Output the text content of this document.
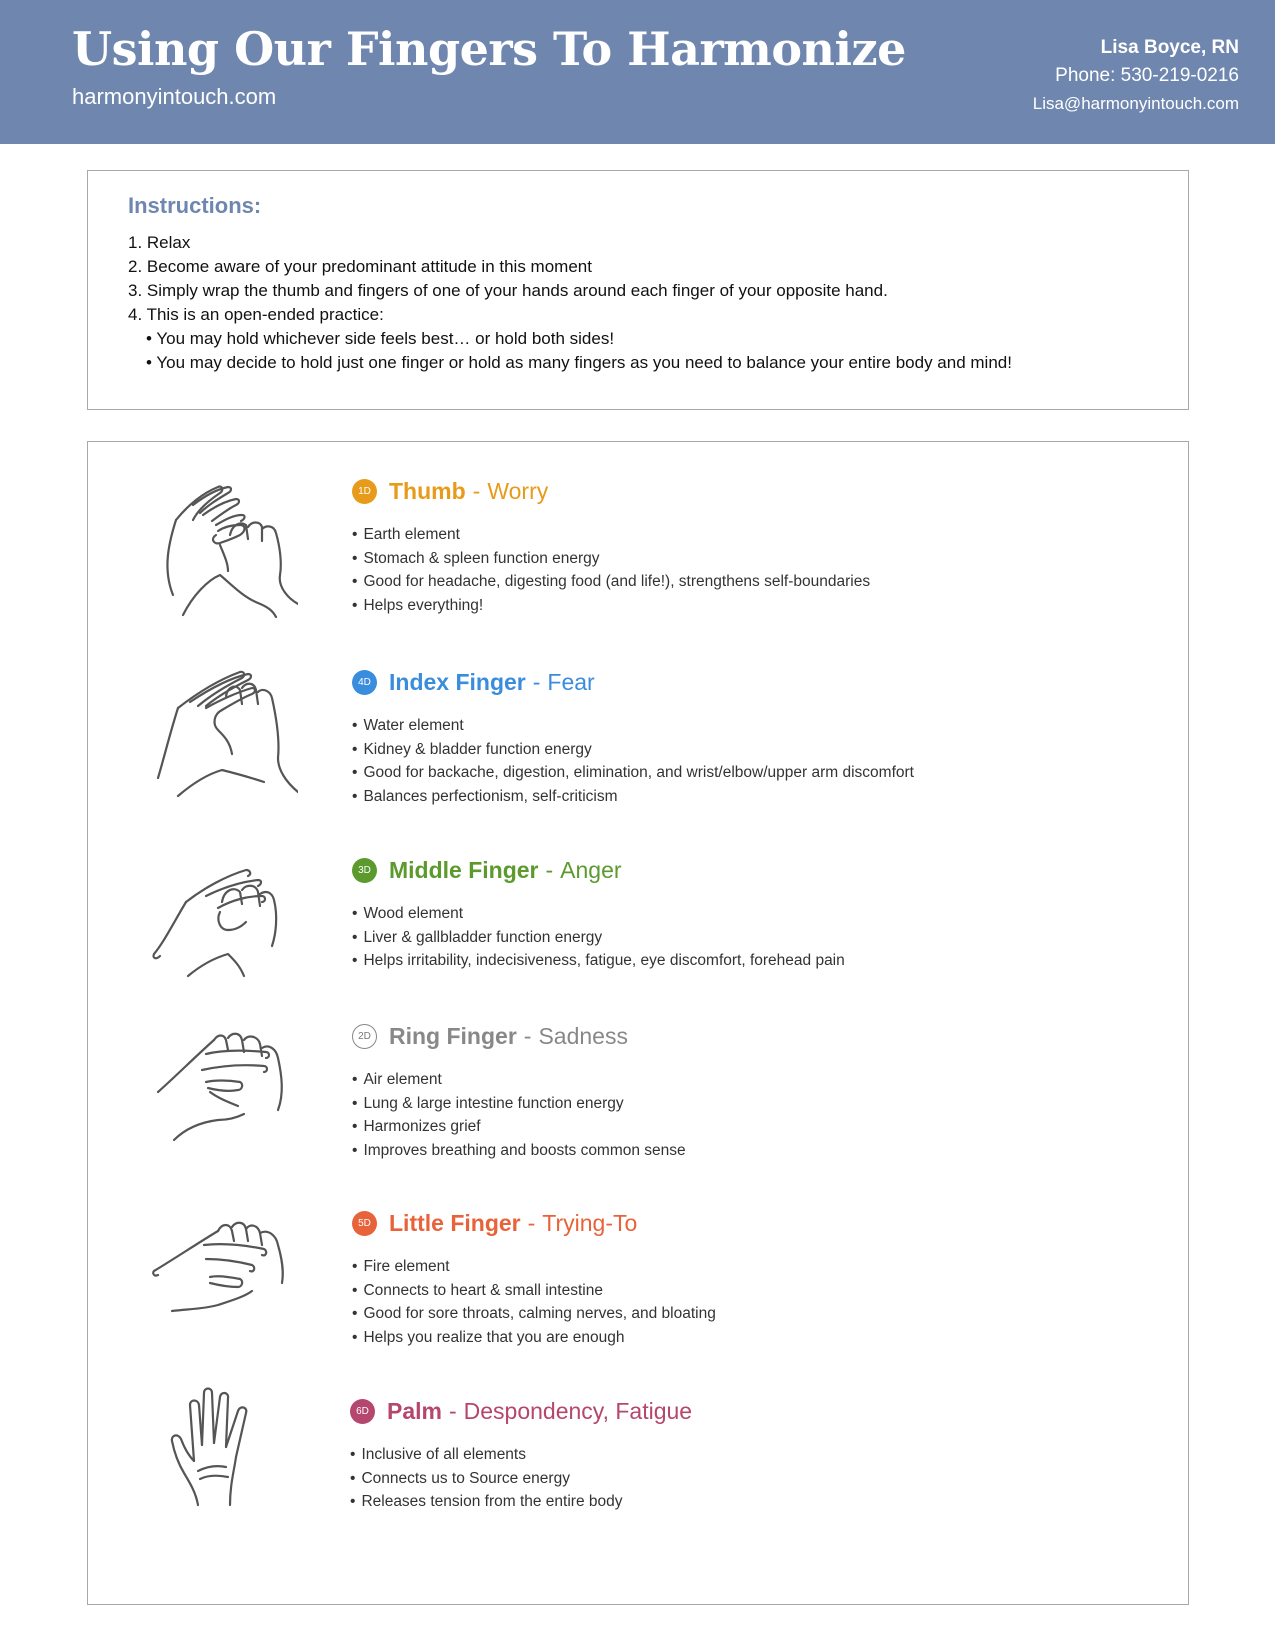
Using Our Fingers To Harmonize
harmonyintouch.com
Lisa Boyce, RN
Phone: 530-219-0216
Lisa@harmonyintouch.com
Instructions:
1. Relax
2. Become aware of your predominant attitude in this moment
3. Simply wrap the thumb and fingers of one of your hands around each finger of your opposite hand.
4. This is an open-ended practice:
• You may hold whichever side feels best… or hold both sides!
• You may decide to hold just one finger or hold as many fingers as you need to balance your entire body and mind!
1D Thumb - Worry
• Earth element
• Stomach & spleen function energy
• Good for headache, digesting food (and life!), strengthens self-boundaries
• Helps everything!
4D Index Finger - Fear
• Water element
• Kidney & bladder function energy
• Good for backache, digestion, elimination, and wrist/elbow/upper arm discomfort
• Balances perfectionism, self-criticism
3D Middle Finger - Anger
• Wood element
• Liver & gallbladder function energy
• Helps irritability, indecisiveness, fatigue, eye discomfort, forehead pain
2D Ring Finger - Sadness
• Air element
• Lung & large intestine function energy
• Harmonizes grief
• Improves breathing and boosts common sense
5D Little Finger - Trying-To
• Fire element
• Connects to heart & small intestine
• Good for sore throats, calming nerves, and bloating
• Helps you realize that you are enough
6D Palm - Despondency, Fatigue
• Inclusive of all elements
• Connects us to Source energy
• Releases tension from the entire body
